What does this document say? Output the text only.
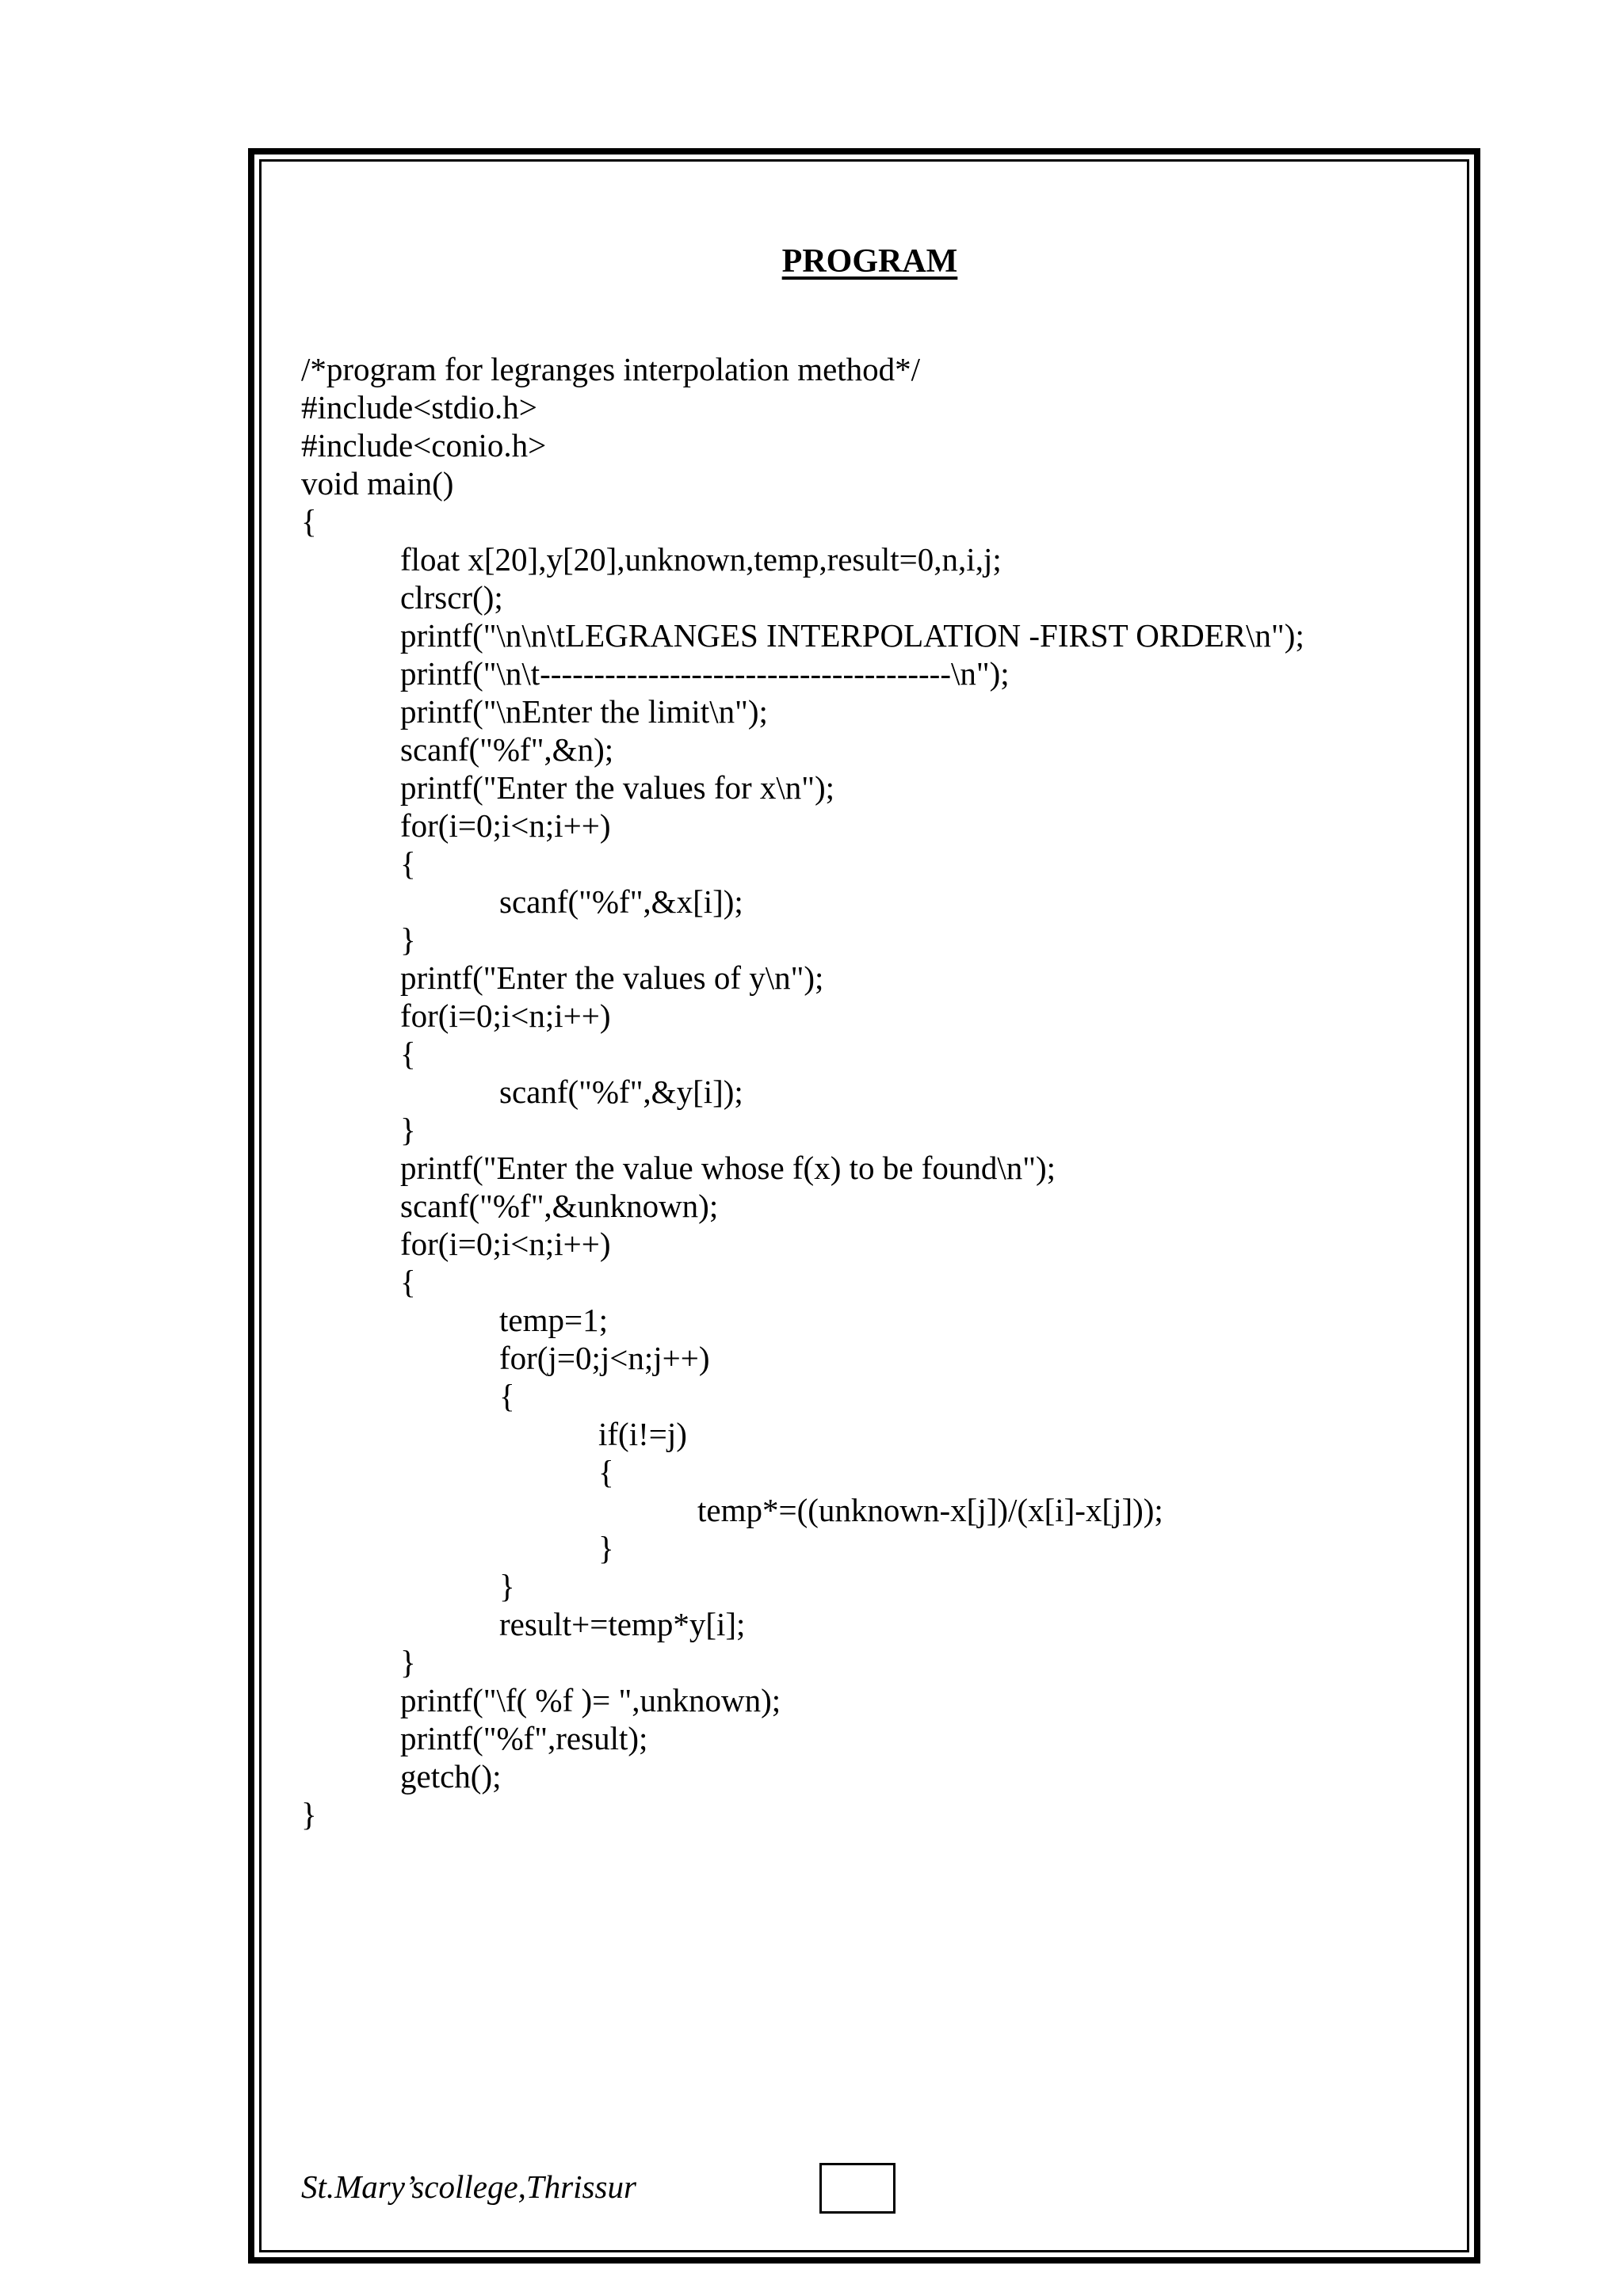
PROGRAM
/*program for legranges interpolation method*/
#include<stdio.h>
#include<conio.h>
void main()
{
float x[20],y[20],unknown,temp,result=0,n,i,j;
clrscr();
printf("\n\n\tLEGRANGES INTERPOLATION -FIRST ORDER\n");
printf("\n\t--------------------------------------\n");
printf("\nEnter the limit\n");
scanf("%f",&n);
printf("Enter the values for x\n");
for(i=0;i<n;i++)
{
scanf("%f",&x[i]);
}
printf("Enter the values of y\n");
for(i=0;i<n;i++)
{
scanf("%f",&y[i]);
}
printf("Enter the value whose f(x) to be found\n");
scanf("%f",&unknown);
for(i=0;i<n;i++)
{
temp=1;
for(j=0;j<n;j++)
{
if(i!=j)
{
temp*=((unknown-x[j])/(x[i]-x[j]));
}
}
result+=temp*y[i];
}
printf("\f( %f )= ",unknown);
printf("%f",result);
getch();
}
St.Mary’scollege,Thrissur
